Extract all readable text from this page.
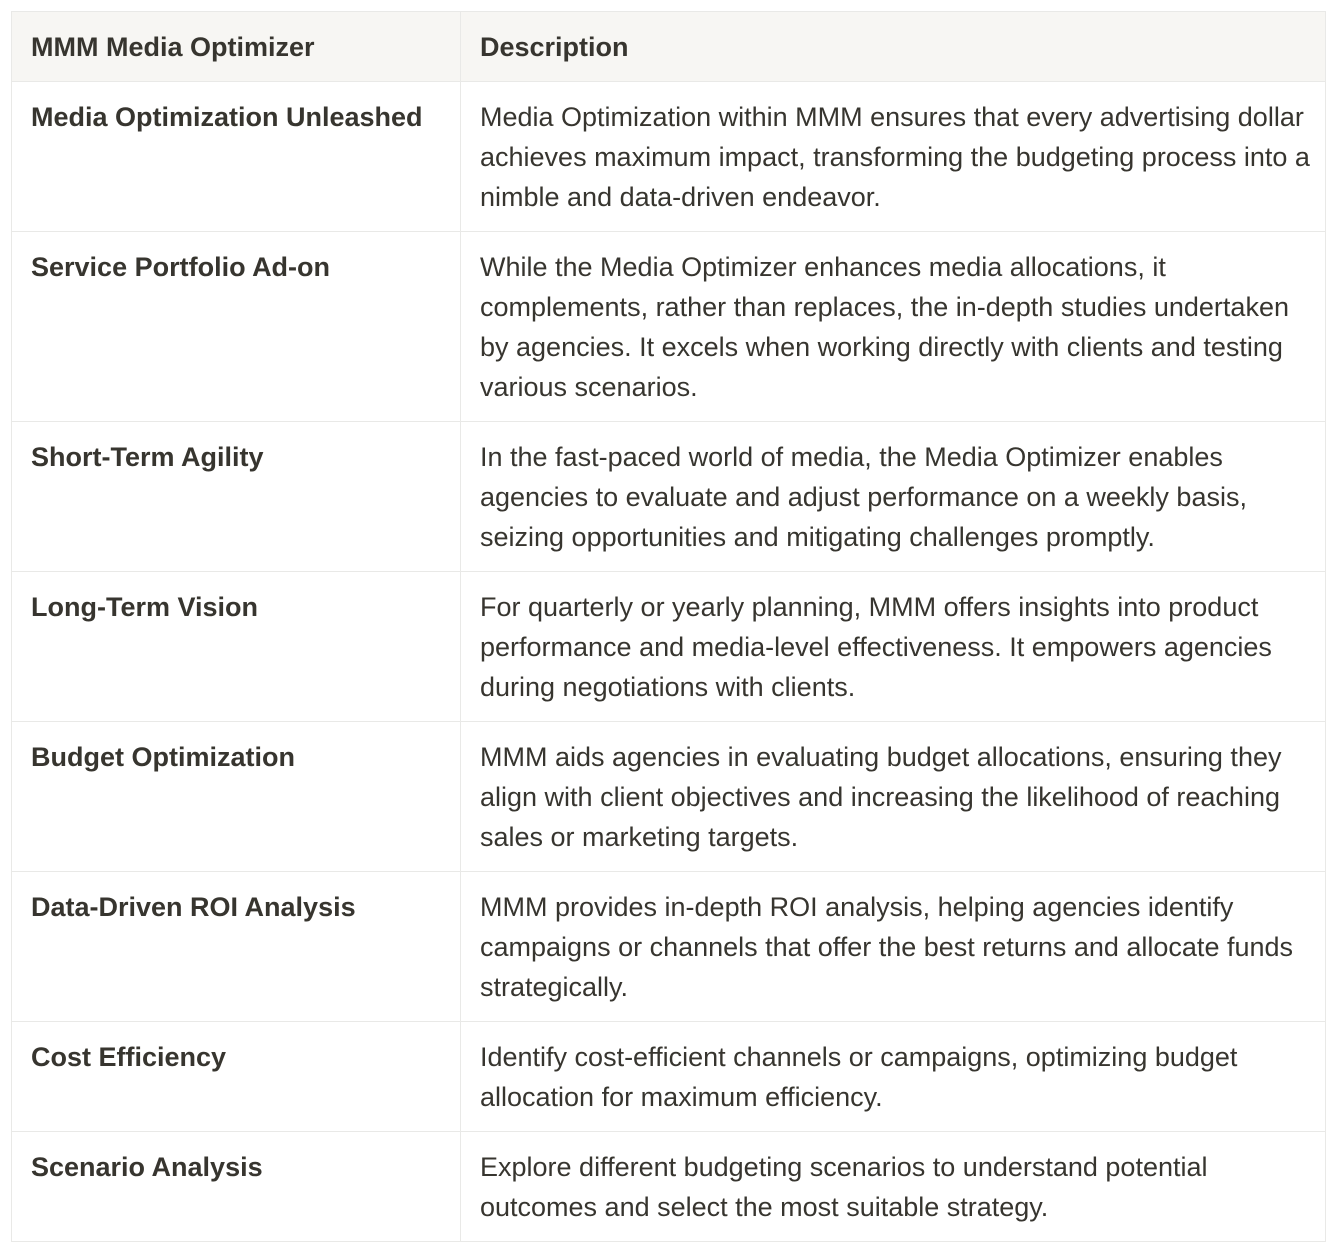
MMM Media Optimizer	Description
Media Optimization Unleashed	Media Optimization within MMM ensures that every advertising dollar achieves maximum impact, transforming the budgeting process into a nimble and data-driven endeavor.
Service Portfolio Ad-on	While the Media Optimizer enhances media allocations, it complements, rather than replaces, the in-depth studies undertaken by agencies. It excels when working directly with clients and testing various scenarios.
Short-Term Agility	In the fast-paced world of media, the Media Optimizer enables agencies to evaluate and adjust performance on a weekly basis, seizing opportunities and mitigating challenges promptly.
Long-Term Vision	For quarterly or yearly planning, MMM offers insights into product performance and media-level effectiveness. It empowers agencies during negotiations with clients.
Budget Optimization	MMM aids agencies in evaluating budget allocations, ensuring they align with client objectives and increasing the likelihood of reaching sales or marketing targets.
Data-Driven ROI Analysis	MMM provides in-depth ROI analysis, helping agencies identify campaigns or channels that offer the best returns and allocate funds strategically.
Cost Efficiency	Identify cost-efficient channels or campaigns, optimizing budget allocation for maximum efficiency.
Scenario Analysis	Explore different budgeting scenarios to understand potential outcomes and select the most suitable strategy.
